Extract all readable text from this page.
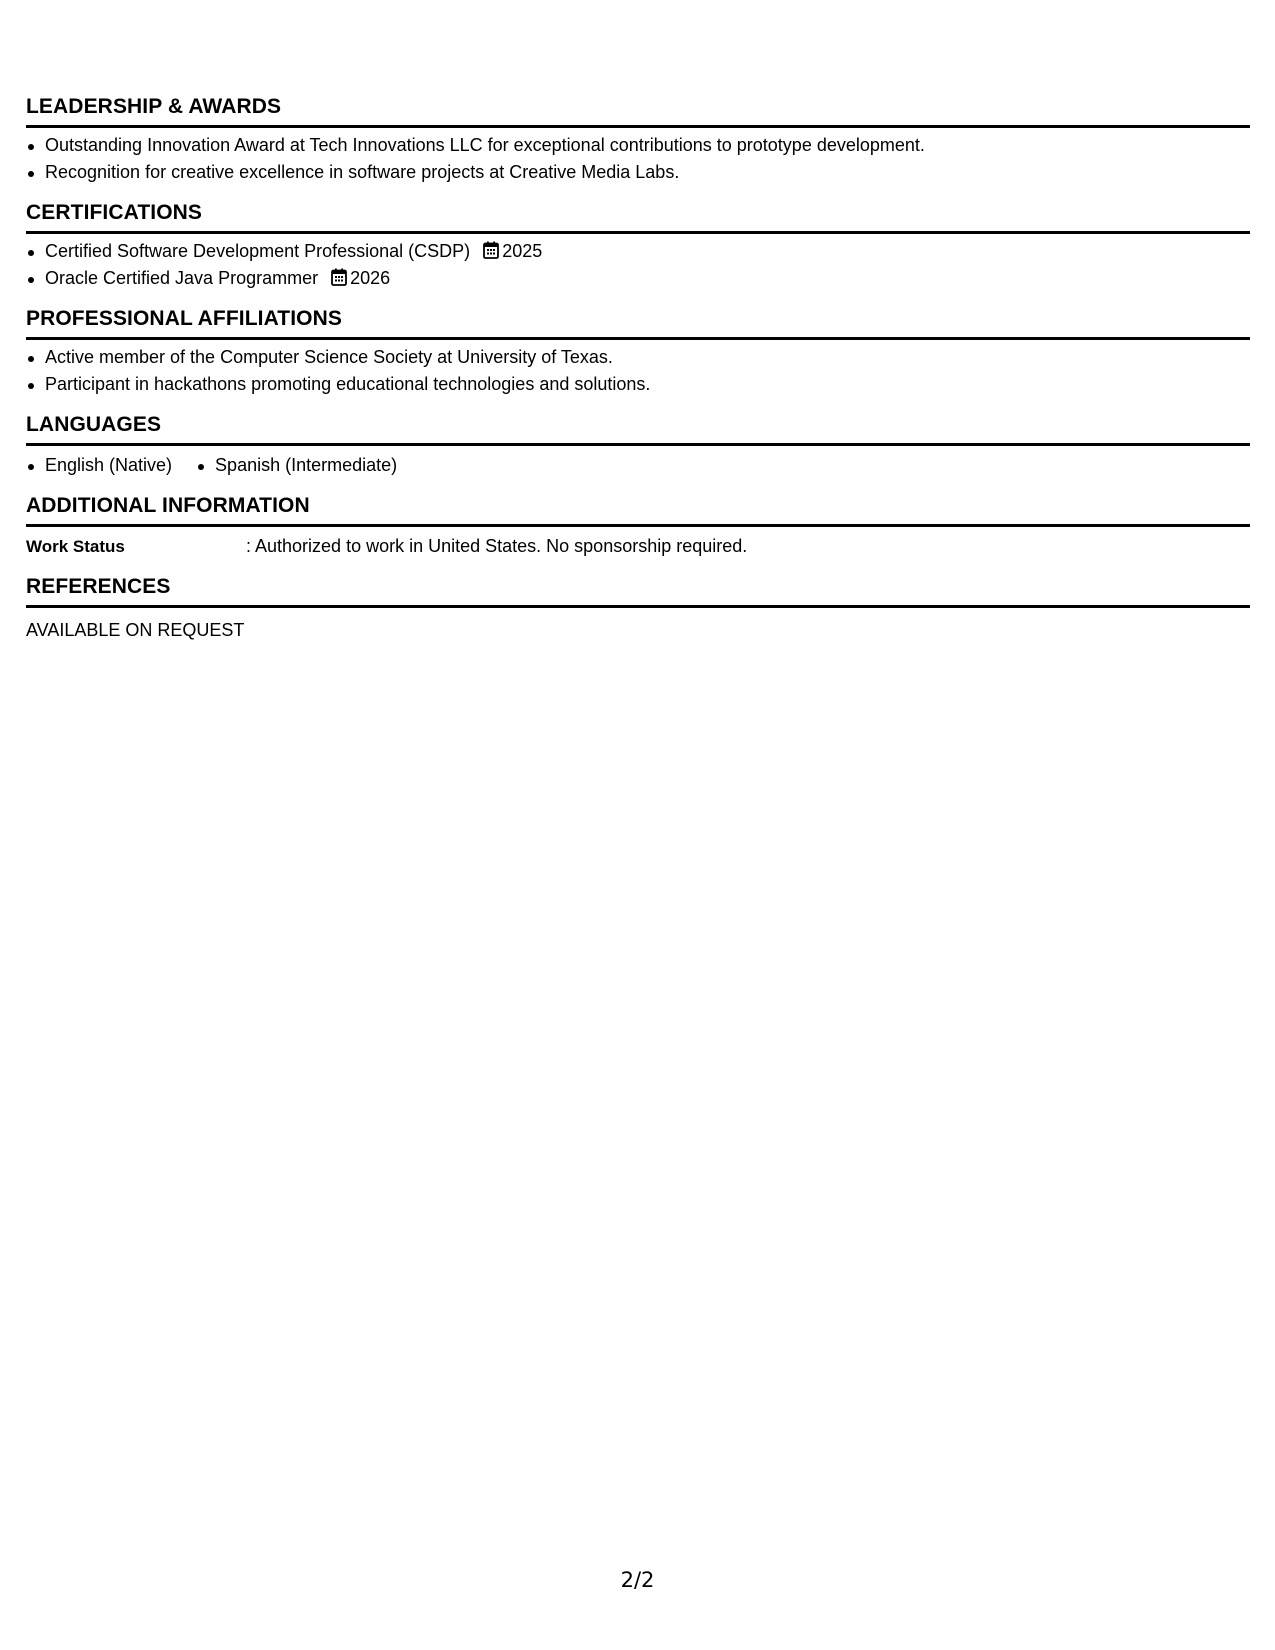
LEADERSHIP & AWARDS
Outstanding Innovation Award at Tech Innovations LLC for exceptional contributions to prototype development.
Recognition for creative excellence in software projects at Creative Media Labs.
CERTIFICATIONS
Certified Software Development Professional (CSDP) 2025
Oracle Certified Java Programmer 2026
PROFESSIONAL AFFILIATIONS
Active member of the Computer Science Society at University of Texas.
Participant in hackathons promoting educational technologies and solutions.
LANGUAGES
English (Native)	Spanish (Intermediate)
ADDITIONAL INFORMATION
Work Status	: Authorized to work in United States. No sponsorship required.
REFERENCES
AVAILABLE ON REQUEST
2/2
